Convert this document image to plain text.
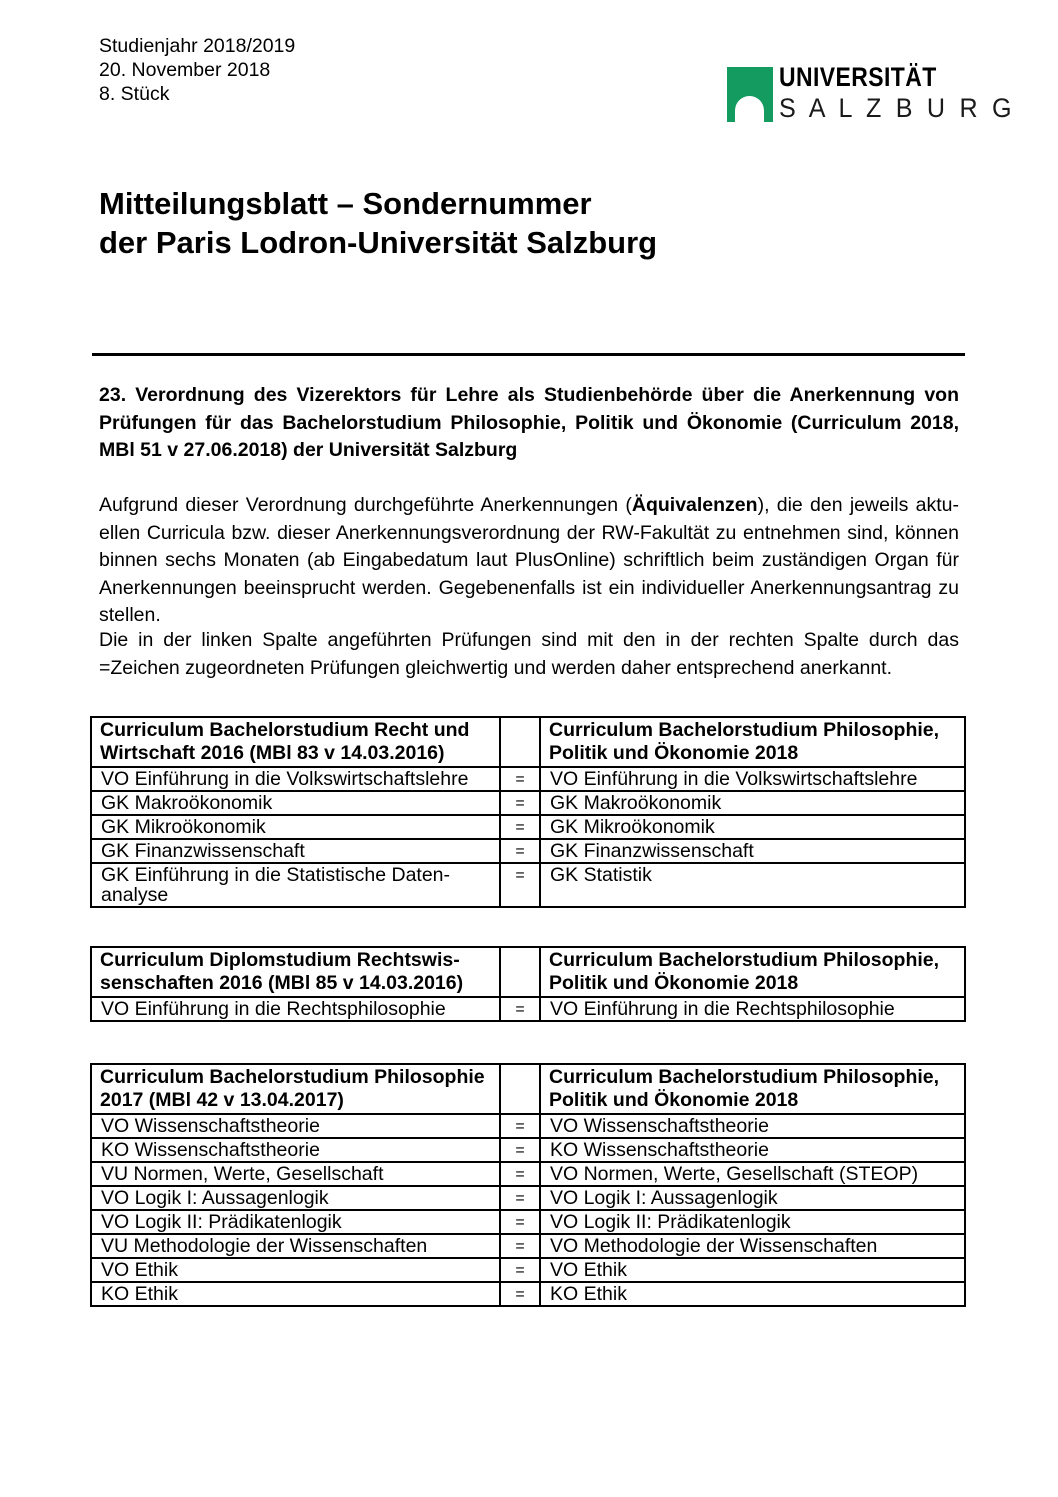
Studienjahr 2018/2019
20. November 2018
8. Stück
UNIVERSITÄT
S A L Z B U R G
Mitteilungsblatt – Sondernummer
der Paris Lodron-Universität Salzburg

23. Verordnung des Vizerektors für Lehre als Studienbehörde über die Anerkennung von Prüfungen für das Bachelorstudium Philosophie, Politik und Ökonomie (Curriculum 2018, MBl 51 v 27.06.2018) der Universität Salzburg

Aufgrund dieser Verordnung durchgeführte Anerkennungen (Äquivalenzen), die den jeweils aktuellen Curricula bzw. dieser Anerkennungsverordnung der RW-Fakultät zu entnehmen sind, können binnen sechs Monaten (ab Eingabedatum laut PlusOnline) schriftlich beim zuständigen Organ für Anerkennungen beeinsprucht werden. Gegebenenfalls ist ein individueller Anerkennungsantrag zu stellen.

Die in der linken Spalte angeführten Prüfungen sind mit den in der rechten Spalte durch das =Zeichen zugeordneten Prüfungen gleichwertig und werden daher entsprechend anerkannt.

Curriculum Bachelorstudium Recht und Wirtschaft 2016 (MBl 83 v 14.03.2016)		Curriculum Bachelorstudium Philosophie, Politik und Ökonomie 2018
VO Einführung in die Volkswirtschaftslehre	=	VO Einführung in die Volkswirtschaftslehre
GK Makroökonomik	=	GK Makroökonomik
GK Mikroökonomik	=	GK Mikroökonomik
GK Finanzwissenschaft	=	GK Finanzwissenschaft
GK Einführung in die Statistische Datenanalyse	=	GK Statistik
Curriculum Diplomstudium Rechtswissenschaften 2016 (MBl 85 v 14.03.2016)		Curriculum Bachelorstudium Philosophie, Politik und Ökonomie 2018
VO Einführung in die Rechtsphilosophie	=	VO Einführung in die Rechtsphilosophie
Curriculum Bachelorstudium Philosophie 2017 (MBl 42 v 13.04.2017)		Curriculum Bachelorstudium Philosophie, Politik und Ökonomie 2018
VO Wissenschaftstheorie	=	VO Wissenschaftstheorie
KO Wissenschaftstheorie	=	KO Wissenschaftstheorie
VU Normen, Werte, Gesellschaft	=	VO Normen, Werte, Gesellschaft (STEOP)
VO Logik I: Aussagenlogik	=	VO Logik I: Aussagenlogik
VO Logik II: Prädikatenlogik	=	VO Logik II: Prädikatenlogik
VU Methodologie der Wissenschaften	=	VO Methodologie der Wissenschaften
VO Ethik	=	VO Ethik
KO Ethik	=	KO Ethik
